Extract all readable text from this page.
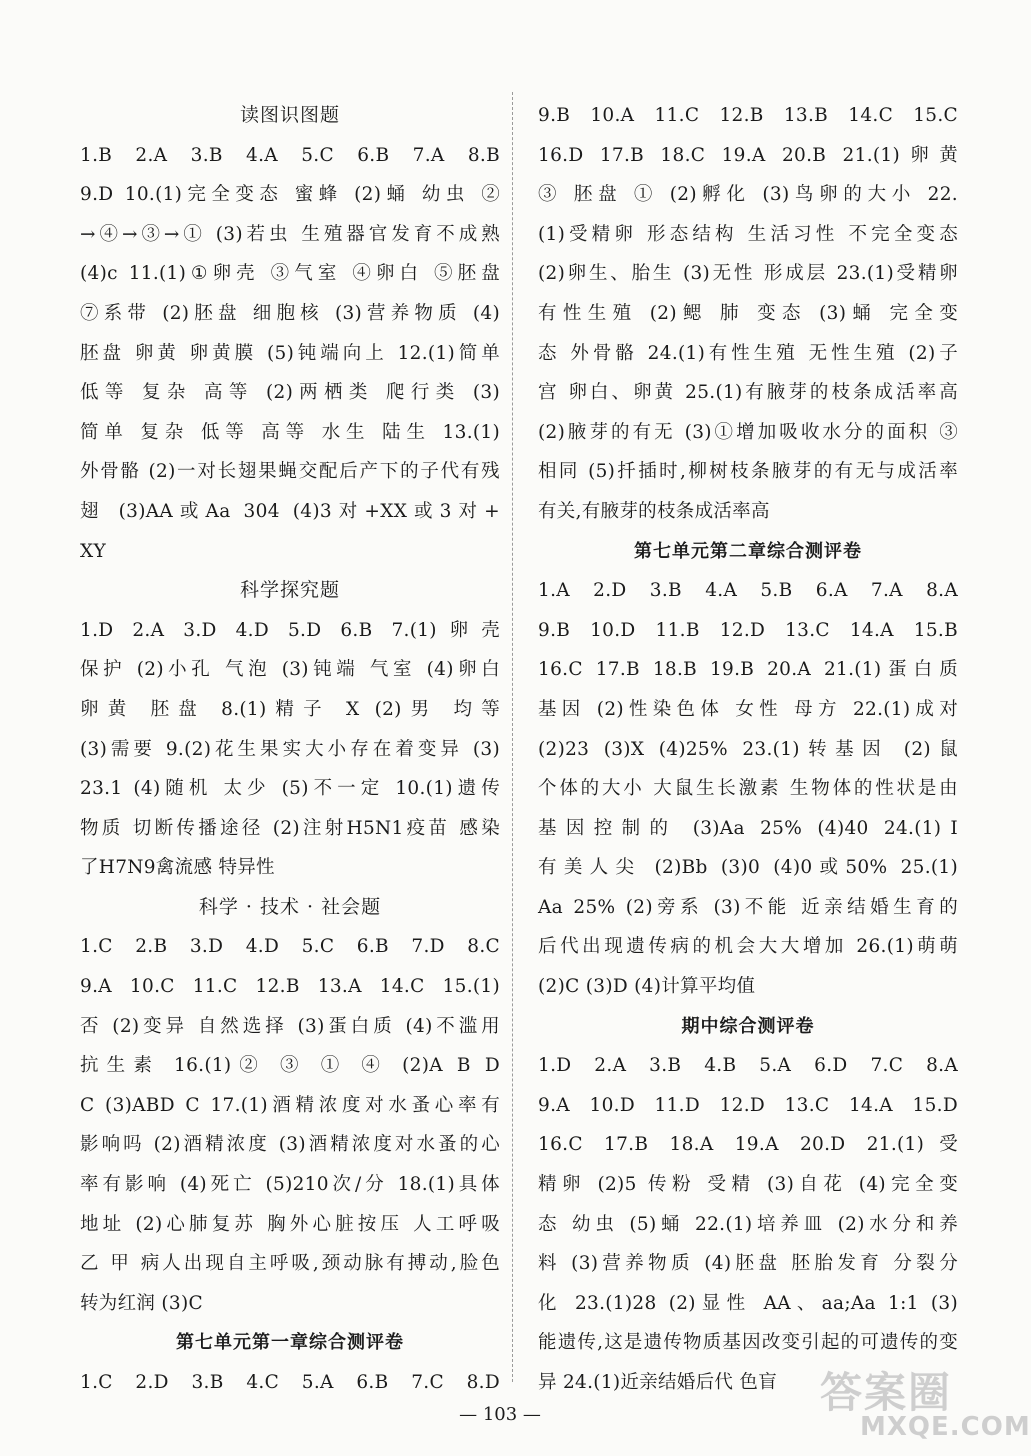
读图识图题
1.B 2.A 3.B 4.A 5.C 6.B 7.A 8.B
9.D 10.(1)完全变态 蜜蜂 (2)蛹 幼虫 ②
→④→③→① (3)若虫 生殖器官发育不成熟
(4)c 11.(1)①卵壳 ③气室 ④卵白 ⑤胚盘
⑦系带 (2)胚盘 细胞核 (3)营养物质 (4)
胚盘 卵黄 卵黄膜 (5)钝端向上 12.(1)简单
低等 复杂 高等 (2)两栖类 爬行类 (3)
简单 复杂 低等 高等 水生 陆生 13.(1)
外骨骼 (2)一对长翅果蝇交配后产下的子代有残
翅 (3)AA或Aa 304 (4)3对+XX或3对+
XY
科学探究题
1.D 2.A 3.D 4.D 5.D 6.B 7.(1)卵壳
保护 (2)小孔 气泡 (3)钝端 气室 (4)卵白
卵黄 胚盘 8.(1)精子 X (2)男 均等
(3)需要 9.(2)花生果实大小存在着变异 (3)
23.1 (4)随机 太少 (5)不一定 10.(1)遗传
物质 切断传播途径 (2)注射H5N1疫苗 感染
了H7N9禽流感 特异性
科学 · 技术 · 社会题
1.C 2.B 3.D 4.D 5.C 6.B 7.D 8.C
9.A 10.C 11.C 12.B 13.A 14.C 15.(1)
否 (2)变异 自然选择 (3)蛋白质 (4)不滥用
抗生素 16.(1)② ③ ① ④ (2)A B D
C (3)ABD C 17.(1)酒精浓度对水蚤心率有
影响吗 (2)酒精浓度 (3)酒精浓度对水蚤的心
率有影响 (4)死亡 (5)210次/分 18.(1)具体
地址 (2)心肺复苏 胸外心脏按压 人工呼吸
乙 甲 病人出现自主呼吸,颈动脉有搏动,脸色
转为红润 (3)C
第七单元第一章综合测评卷
1.C 2.D 3.B 4.C 5.A 6.B 7.C 8.D
9.B 10.A 11.C 12.B 13.B 14.C 15.C
16.D 17.B 18.C 19.A 20.B 21.(1)卵黄
③ 胚盘 ① (2)孵化 (3)鸟卵的大小 22.
(1)受精卵 形态结构 生活习性 不完全变态
(2)卵生、胎生 (3)无性 形成层 23.(1)受精卵
有性生殖 (2)鳃 肺 变态 (3)蛹 完全变
态 外骨骼 24.(1)有性生殖 无性生殖 (2)子
宫 卵白、卵黄 25.(1)有腋芽的枝条成活率高
(2)腋芽的有无 (3)①增加吸收水分的面积 ③
相同 (5)扦插时,柳树枝条腋芽的有无与成活率
有关,有腋芽的枝条成活率高
第七单元第二章综合测评卷
1.A 2.D 3.B 4.A 5.B 6.A 7.A 8.A
9.B 10.D 11.B 12.D 13.C 14.A 15.B
16.C 17.B 18.B 19.B 20.A 21.(1)蛋白质
基因 (2)性染色体 女性 母方 22.(1)成对
(2)23 (3)X (4)25% 23.(1)转基因 (2)鼠
个体的大小 大鼠生长激素 生物体的性状是由
基因控制的 (3)Aa 25% (4)40 24.(1)Ⅰ
有美人尖 (2)Bb (3)0 (4)0或50% 25.(1)
Aa 25% (2)旁系 (3)不能 近亲结婚生育的
后代出现遗传病的机会大大增加 26.(1)萌萌
(2)C (3)D (4)计算平均值
期中综合测评卷
1.D 2.A 3.B 4.B 5.A 6.D 7.C 8.A
9.A 10.D 11.D 12.D 13.C 14.A 15.D
16.C 17.B 18.A 19.A 20.D 21.(1)受
精卵 (2)5 传粉 受精 (3)自花 (4)完全变
态 幼虫 (5)蛹 22.(1)培养皿 (2)水分和养
料 (3)营养物质 (4)胚盘 胚胎发育 分裂分
化 23.(1)28 (2)显性 AA、aa;Aa 1:1 (3)
能遗传,这是遗传物质基因改变引起的可遗传的变
异 24.(1)近亲结婚后代 色盲
— 103 —	答案圈
MXQE.COM
